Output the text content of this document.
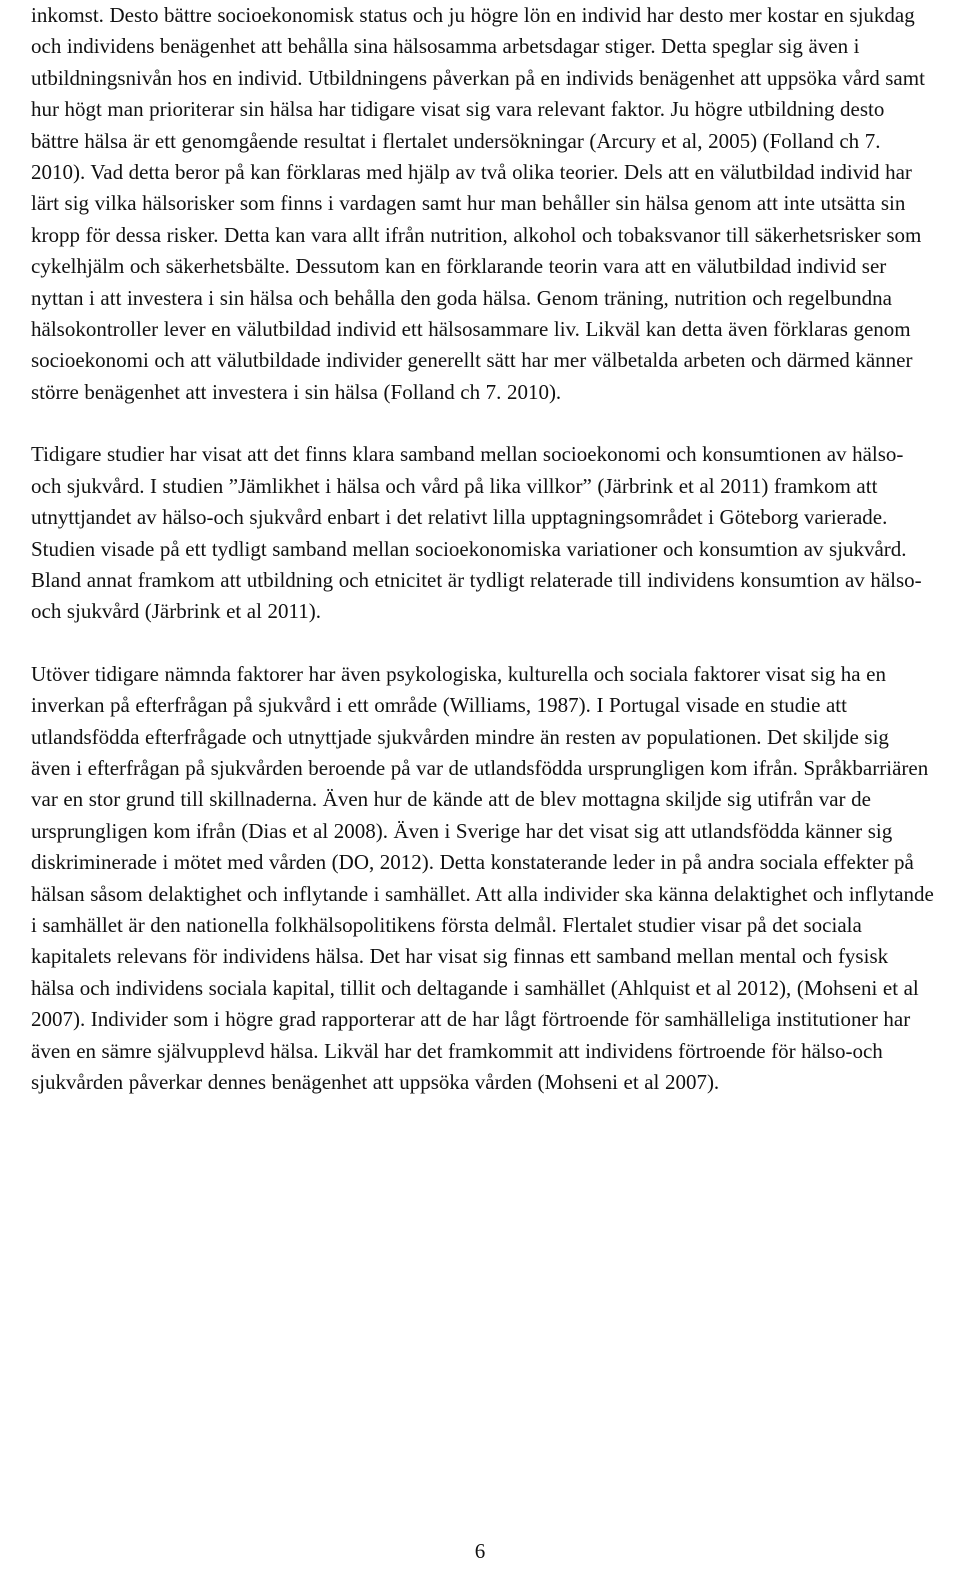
inkomst. Desto bättre socioekonomisk status och ju högre lön en individ har desto mer kostar en sjukdag och individens benägenhet att behålla sina hälsosamma arbetsdagar stiger. Detta speglar sig även i utbildningsnivån hos en individ. Utbildningens påverkan på en individs benägenhet att uppsöka vård samt hur högt man prioriterar sin hälsa har tidigare visat sig vara relevant faktor. Ju högre utbildning desto bättre hälsa är ett genomgående resultat i flertalet undersökningar (Arcury et al, 2005) (Folland ch 7. 2010). Vad detta beror på kan förklaras med hjälp av två olika teorier. Dels att en välutbildad individ har lärt sig vilka hälsorisker som finns i vardagen samt hur man behåller sin hälsa genom att inte utsätta sin kropp för dessa risker. Detta kan vara allt ifrån nutrition, alkohol och tobaksvanor till säkerhetsrisker som cykelhjälm och säkerhetsbälte. Dessutom kan en förklarande teorin vara att en välutbildad individ ser nyttan i att investera i sin hälsa och behålla den goda hälsa. Genom träning, nutrition och regelbundna hälsokontroller lever en välutbildad individ ett hälsosammare liv. Likväl kan detta även förklaras genom socioekonomi och att välutbildade individer generellt sätt har mer välbetalda arbeten och därmed känner större benägenhet att investera i sin hälsa (Folland ch 7. 2010).

Tidigare studier har visat att det finns klara samband mellan socioekonomi och konsumtionen av hälso- och sjukvård. I studien ”Jämlikhet i hälsa och vård på lika villkor” (Järbrink et al 2011) framkom att utnyttjandet av hälso-och sjukvård enbart i det relativt lilla upptagningsområdet i Göteborg varierade. Studien visade på ett tydligt samband mellan socioekonomiska variationer och konsumtion av sjukvård. Bland annat framkom att utbildning och etnicitet är tydligt relaterade till individens konsumtion av hälso-och sjukvård (Järbrink et al 2011).

Utöver tidigare nämnda faktorer har även psykologiska, kulturella och sociala faktorer visat sig ha en inverkan på efterfrågan på sjukvård i ett område (Williams, 1987). I Portugal visade en studie att utlandsfödda efterfrågade och utnyttjade sjukvården mindre än resten av populationen. Det skiljde sig även i efterfrågan på sjukvården beroende på var de utlandsfödda ursprungligen kom ifrån. Språkbarriären var en stor grund till skillnaderna. Även hur de kände att de blev mottagna skiljde sig utifrån var de ursprungligen kom ifrån (Dias et al 2008). Även i Sverige har det visat sig att utlandsfödda känner sig diskriminerade i mötet med vården (DO, 2012). Detta konstaterande leder in på andra sociala effekter på hälsan såsom delaktighet och inflytande i samhället. Att alla individer ska känna delaktighet och inflytande i samhället är den nationella folkhälsopolitikens första delmål. Flertalet studier visar på det sociala kapitalets relevans för individens hälsa. Det har visat sig finnas ett samband mellan mental och fysisk hälsa och individens sociala kapital, tillit och deltagande i samhället (Ahlquist et al 2012), (Mohseni et al 2007). Individer som i högre grad rapporterar att de har lågt förtroende för samhälleliga institutioner har även en sämre självupplevd hälsa. Likväl har det framkommit att individens förtroende för hälso-och sjukvården påverkar dennes benägenhet att uppsöka vården (Mohseni et al 2007).

6
